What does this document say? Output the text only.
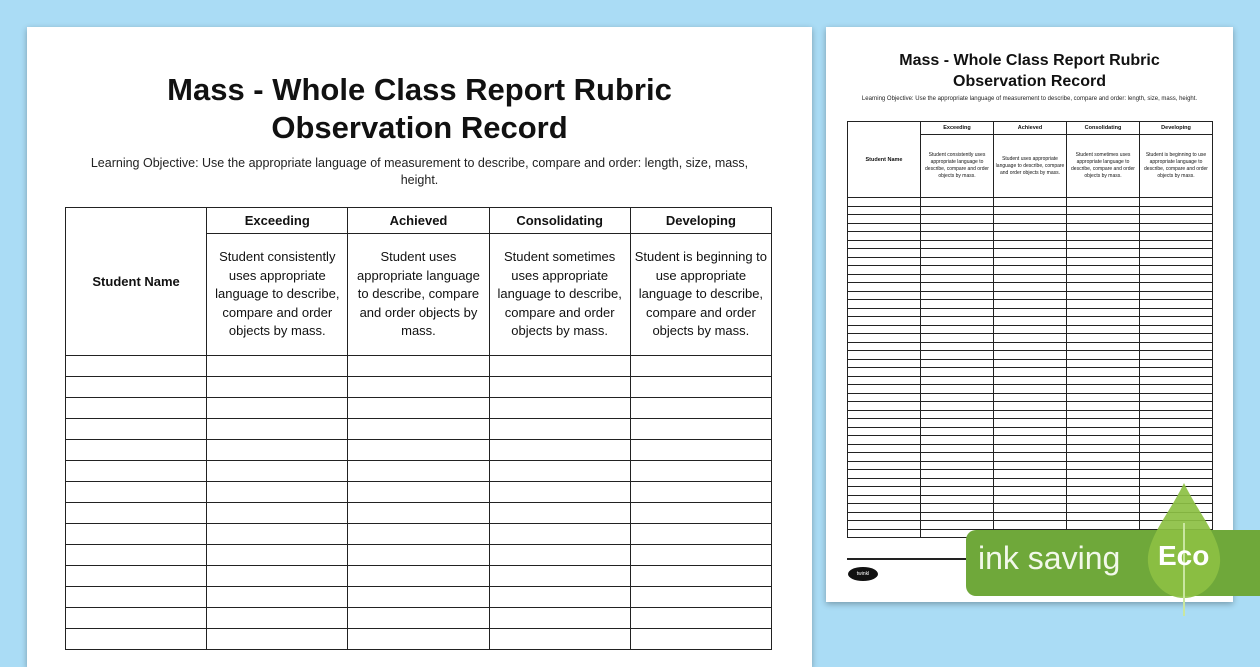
Mass - Whole Class Report Rubric
Observation Record
Learning Objective: Use the appropriate language of measurement to describe, compare and order: length, size, mass, height.
Student Name	Exceeding	Achieved	Consolidating	Developing
	Student consistently uses appropriate language to describe, compare and order objects by mass.	Student uses appropriate language to describe, compare and order objects by mass.	Student sometimes uses appropriate language to describe, compare and order objects by mass.	Student is beginning to use appropriate language to describe, compare and order objects by mass.

Mass - Whole Class Report Rubric
Observation Record
Learning Objective: Use the appropriate language of measurement to describe, compare and order: length, size, mass, height.
Student Name	Exceeding	Achieved	Consolidating	Developing
	Student consistently uses appropriate language to describe, compare and order objects by mass.	Student uses appropriate language to describe, compare and order objects by mass.	Student sometimes uses appropriate language to describe, compare and order objects by mass.	Student is beginning to use appropriate language to describe, compare and order objects by mass.

twinkl	ink saving Eco
